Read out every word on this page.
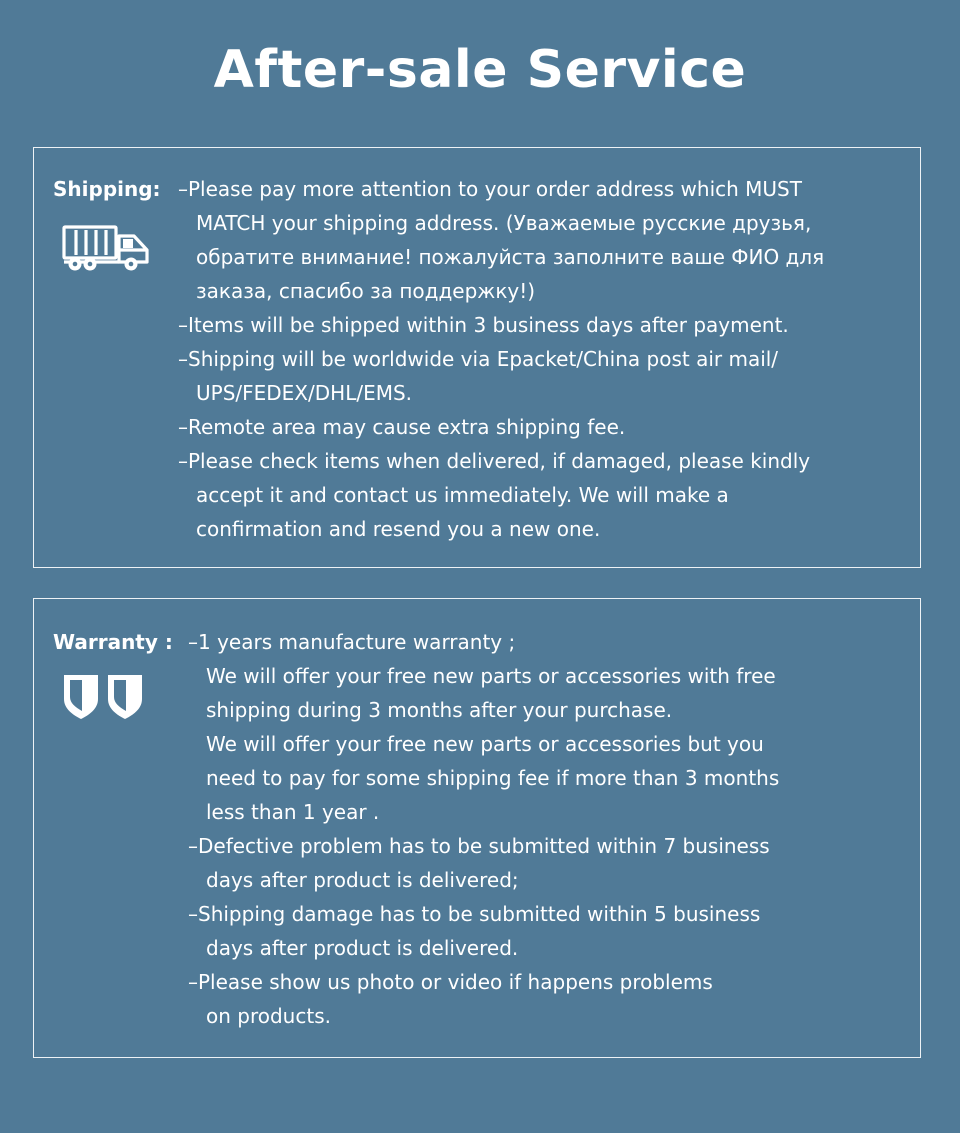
After-sale Service
Shipping: –Please pay more attention to your order address which MUST
MATCH your shipping address. (Уважаемые русские друзья,
обратите внимание! пожалуйста заполните ваше ФИО для
заказа, спасибо за поддержку!)
–Items will be shipped within 3 business days after payment.
–Shipping will be worldwide via Epacket/China post air mail/
UPS/FEDEX/DHL/EMS.
–Remote area may cause extra shipping fee.
–Please check items when delivered, if damaged, please kindly
accept it and contact us immediately. We will make a
confirmation and resend you a new one.
Warranty : –1 years manufacture warranty ;
We will offer your free new parts or accessories with free
shipping during 3 months after your purchase.
We will offer your free new parts or accessories but you
need to pay for some shipping fee if more than 3 months
less than 1 year .
–Defective problem has to be submitted within 7 business
days after product is delivered;
–Shipping damage has to be submitted within 5 business
days after product is delivered.
–Please show us photo or video if happens problems
on products.
